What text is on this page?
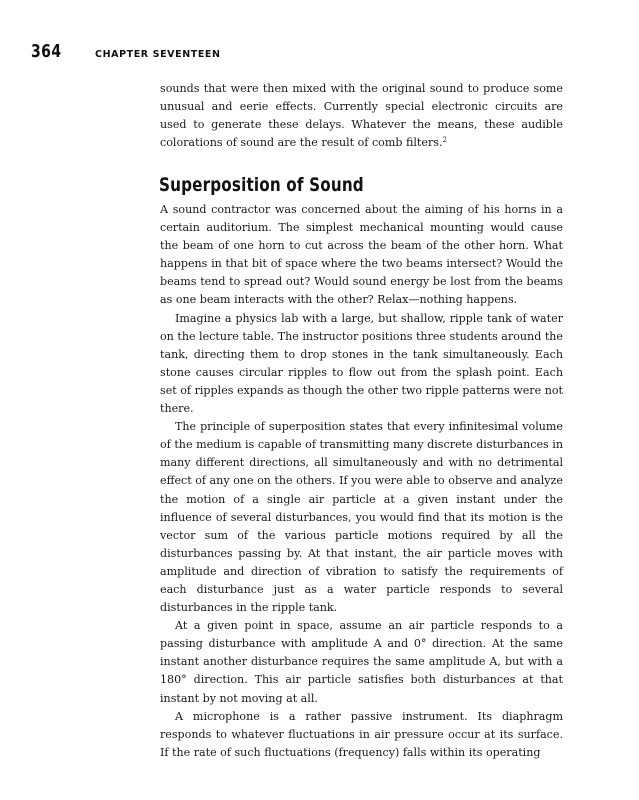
364	CHAPTER SEVENTEEN

sounds that were then mixed with the original sound to produce some unusual and eerie effects. Currently special electronic circuits are used to generate these delays. Whatever the means, these audible colorations of sound are the result of comb filters.$^2$

Superposition of Sound

A sound contractor was concerned about the aiming of his horns in a certain auditorium. The simplest mechanical mounting would cause the beam of one horn to cut across the beam of the other horn. What happens in that bit of space where the two beams intersect? Would the beams tend to spread out? Would sound energy be lost from the beams as one beam interacts with the other? Relax—nothing happens.

Imagine a physics lab with a large, but shallow, ripple tank of water on the lecture table. The instructor positions three students around the tank, directing them to drop stones in the tank simultaneously. Each stone causes circular ripples to flow out from the splash point. Each set of ripples expands as though the other two ripple patterns were not there.

The principle of superposition states that every infinitesimal volume of the medium is capable of transmitting many discrete disturbances in many different directions, all simultaneously and with no detrimental effect of any one on the others. If you were able to observe and analyze the motion of a single air particle at a given instant under the influence of several disturbances, you would find that its motion is the vector sum of the various particle motions required by all the disturbances passing by. At that instant, the air particle moves with amplitude and direction of vibration to satisfy the requirements of each disturbance just as a water particle responds to several disturbances in the ripple tank.

At a given point in space, assume an air particle responds to a passing disturbance with amplitude A and 0° direction. At the same instant another disturbance requires the same amplitude A, but with a 180° direction. This air particle satisfies both disturbances at that instant by not moving at all.

A microphone is a rather passive instrument. Its diaphragm responds to whatever fluctuations in air pressure occur at its surface. If the rate of such fluctuations (frequency) falls within its operating
